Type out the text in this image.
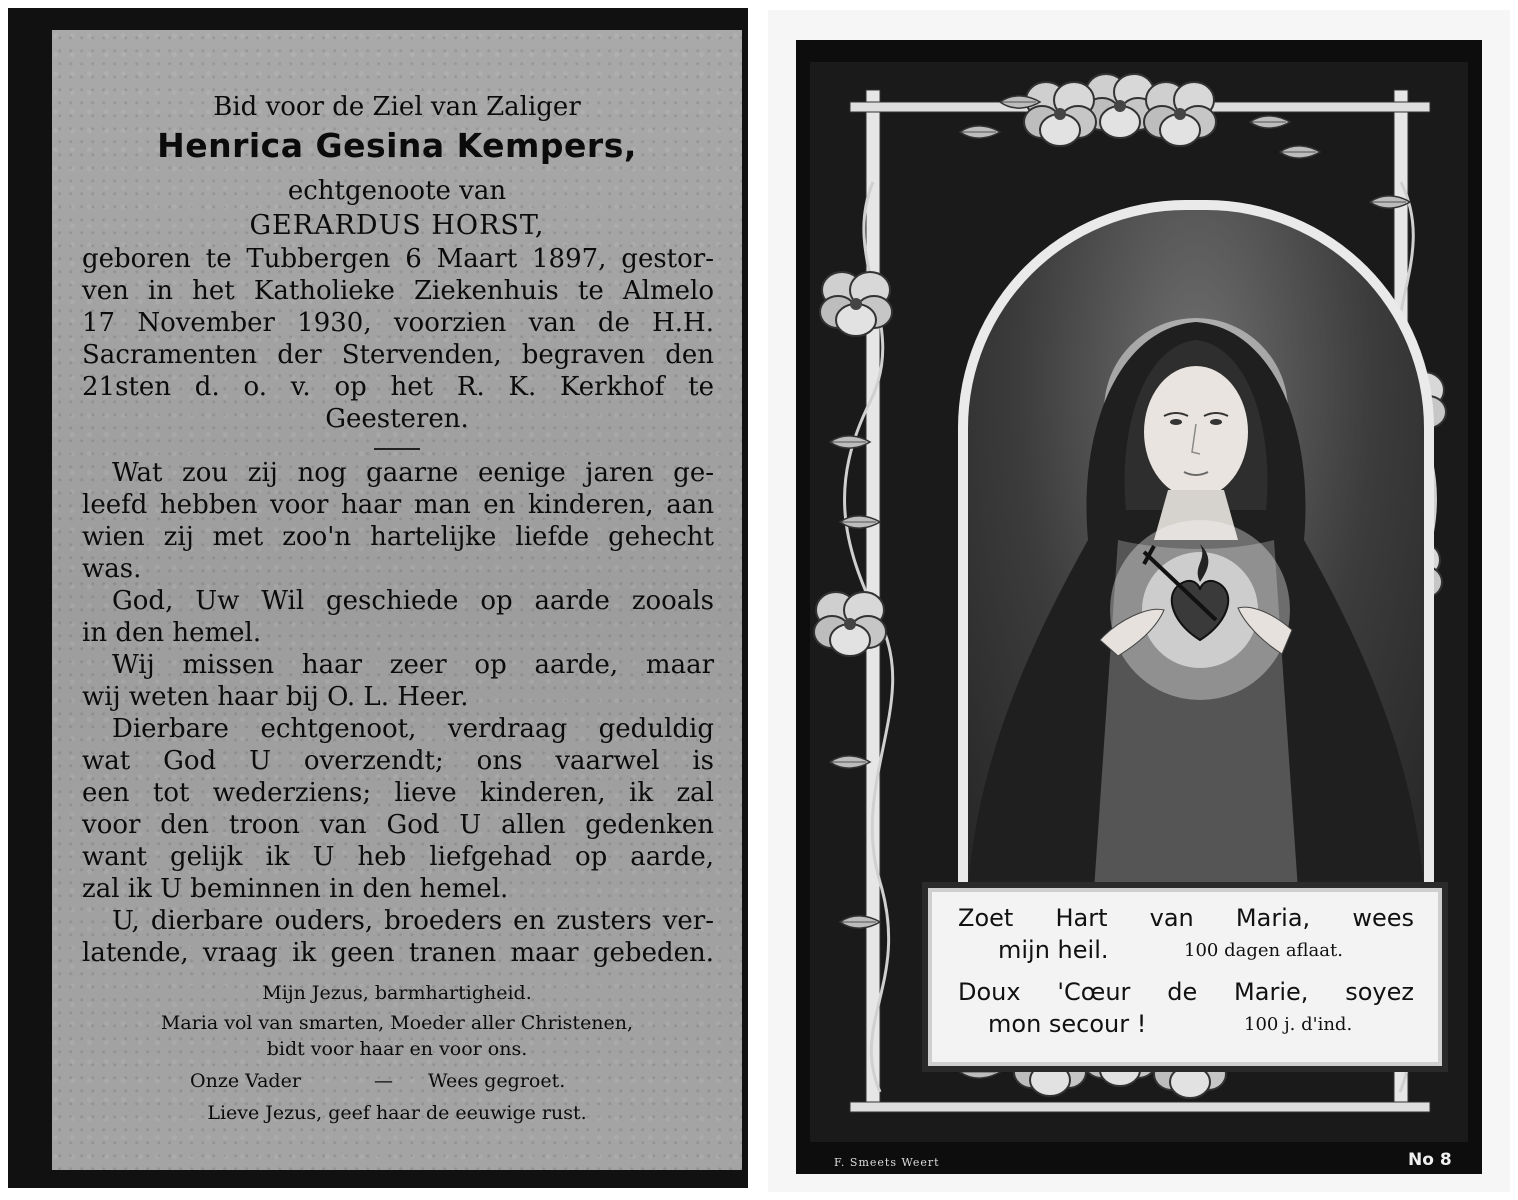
Bid voor de Ziel van Zaliger
Henrica Gesina Kempers,
echtgenoote van
GERARDUS HORST,
geboren te Tubbergen 6 Maart 1897, gestor-
ven in het Katholieke Ziekenhuis te Almelo
17 November 1930, voorzien van de H.H.
Sacramenten der Stervenden, begraven den
21sten d. o. v. op het R. K. Kerkhof te
Geesteren.
Wat zou zij nog gaarne eenige jaren ge-
leefd hebben voor haar man en kinderen, aan
wien zij met zoo'n hartelijke liefde gehecht
was.
God, Uw Wil geschiede op aarde zooals
in den hemel.
Wij missen haar zeer op aarde, maar
wij weten haar bij O. L. Heer.
Dierbare echtgenoot, verdraag geduldig
wat God U overzendt; ons vaarwel is
een tot wederziens; lieve kinderen, ik zal
voor den troon van God U allen gedenken
want gelijk ik U heb liefgehad op aarde,
zal ik U beminnen in den hemel.
U, dierbare ouders, broeders en zusters ver-
latende, vraag ik geen tranen maar gebeden.
Mijn Jezus, barmhartigheid.
Maria vol van smarten, Moeder aller Christenen,
bidt voor haar en voor ons.
Onze Vader	— Wees gegroet.
Lieve Jezus, geef haar de eeuwige rust.
Zoet Hart van Maria, wees
mijn heil.	100 dagen aflaat.
Doux 'Cœur de Marie, soyez
mon secour !	100 j. d'ind.
F. Smeets Weert	No 8
